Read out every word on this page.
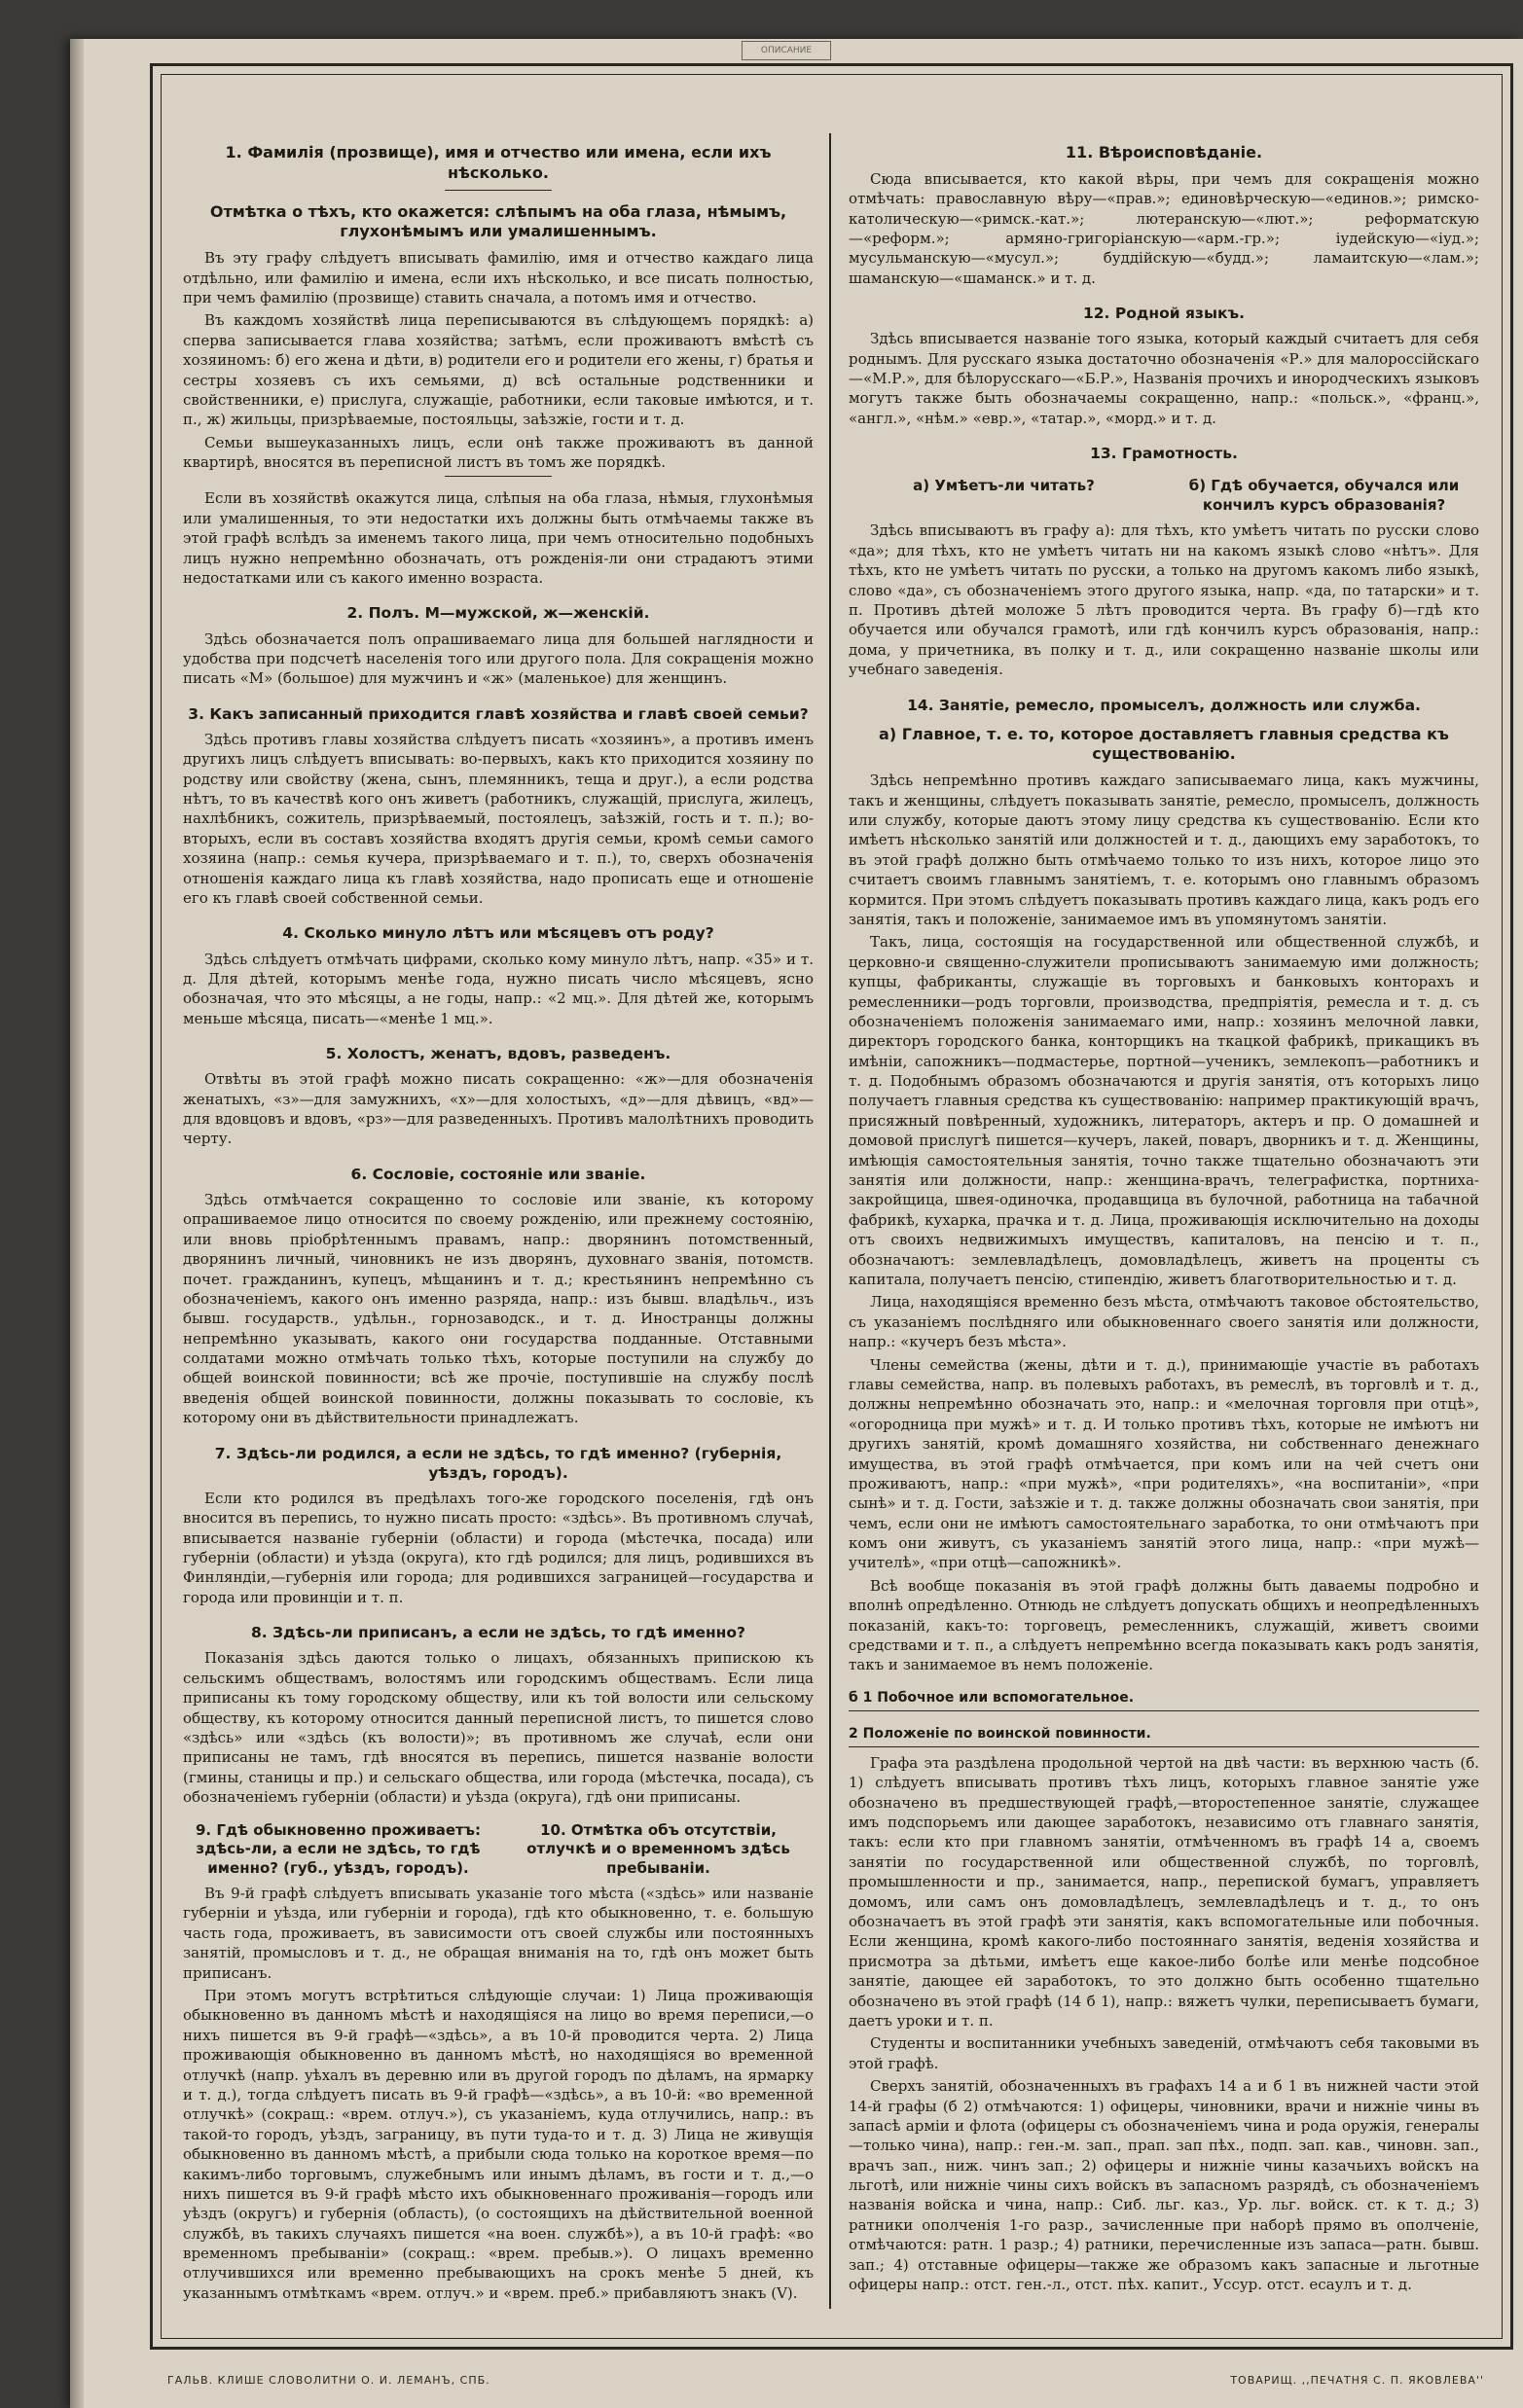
ОПИСАНИЕ
1. Фамилія (прозвище), имя и отчество или имена, если ихъ нѣсколько.
Отмѣтка о тѣхъ, кто окажется: слѣпымъ на оба глаза, нѣмымъ, глухонѣмымъ или умалишеннымъ.

Въ эту графу слѣдуетъ вписывать фамилію, имя и отчество каждаго лица отдѣльно, или фамилію и имена, если ихъ нѣсколько, и все писать полностью, при чемъ фамилію (прозвище) ставить сначала, а потомъ имя и отчество.

Въ каждомъ хозяйствѣ лица переписываются въ слѣдующемъ порядкѣ: а) сперва записывается глава хозяйства; затѣмъ, если проживаютъ вмѣстѣ съ хозяиномъ: б) его жена и дѣти, в) родители его и родители его жены, г) братья и сестры хозяевъ съ ихъ семьями, д) всѣ остальные родственники и свойственники, е) прислуга, служащіе, работники, если таковые имѣются, и т. п., ж) жильцы, призрѣваемые, постояльцы, заѣзжіе, гости и т. д.

Семьи вышеуказанныхъ лицъ, если онѣ также проживаютъ въ данной квартирѣ, вносятся въ переписной листъ въ томъ же порядкѣ.

Если въ хозяйствѣ окажутся лица, слѣпыя на оба глаза, нѣмыя, глухонѣмыя или умалишенныя, то эти недостатки ихъ должны быть отмѣчаемы также въ этой графѣ вслѣдъ за именемъ такого лица, при чемъ относительно подобныхъ лицъ нужно непремѣнно обозначать, отъ рожденія-ли они страдаютъ этими недостатками или съ какого именно возраста.

2. Полъ. М—мужской, ж—женскій.

Здѣсь обозначается полъ опрашиваемаго лица для большей наглядности и удобства при подсчетѣ населенія того или другого пола. Для сокращенія можно писать «М» (большое) для мужчинъ и «ж» (маленькое) для женщинъ.

3. Какъ записанный приходится главѣ хозяйства и главѣ своей семьи?

Здѣсь противъ главы хозяйства слѣдуетъ писать «хозяинъ», а противъ именъ другихъ лицъ слѣдуетъ вписывать: во-первыхъ, какъ кто приходится хозяину по родству или свойству (жена, сынъ, племянникъ, теща и друг.), а если родства нѣтъ, то въ качествѣ кого онъ живетъ (работникъ, служащій, прислуга, жилецъ, нахлѣбникъ, сожитель, призрѣваемый, постоялецъ, заѣзжій, гость и т. п.); во-вторыхъ, если въ составъ хозяйства входятъ другія семьи, кромѣ семьи самого хозяина (напр.: семья кучера, призрѣваемаго и т. п.), то, сверхъ обозначенія отношенія каждаго лица къ главѣ хозяйства, надо прописать еще и отношеніе его къ главѣ своей собственной семьи.

4. Сколько минуло лѣтъ или мѣсяцевъ отъ роду?

Здѣсь слѣдуетъ отмѣчать цифрами, сколько кому минуло лѣтъ, напр. «35» и т. д. Для дѣтей, которымъ менѣе года, нужно писать число мѣсяцевъ, ясно обозначая, что это мѣсяцы, а не годы, напр.: «2 мц.». Для дѣтей же, которымъ меньше мѣсяца, писать—«менѣе 1 мц.».

5. Холостъ, женатъ, вдовъ, разведенъ.

Отвѣты въ этой графѣ можно писать сокращенно: «ж»—для обозначенія женатыхъ, «з»—для замужнихъ, «х»—для холостыхъ, «д»—для дѣвицъ, «вд»—для вдовцовъ и вдовъ, «рз»—для разведенныхъ. Противъ малолѣтнихъ проводить черту.

6. Сословіе, состояніе или званіе.

Здѣсь отмѣчается сокращенно то сословіе или званіе, къ которому опрашиваемое лицо относится по своему рожденію, или прежнему состоянію, или вновь пріобрѣтеннымъ правамъ, напр.: дворянинъ потомственный, дворянинъ личный, чиновникъ не изъ дворянъ, духовнаго званія, потомств. почет. гражданинъ, купецъ, мѣщанинъ и т. д.; крестьянинъ непремѣнно съ обозначеніемъ, какого онъ именно разряда, напр.: изъ бывш. владѣльч., изъ бывш. государств., удѣльн., горнозаводск., и т. д. Иностранцы должны непремѣнно указывать, какого они государства подданные. Отставными солдатами можно отмѣчать только тѣхъ, которые поступили на службу до общей воинской повинности; всѣ же прочіе, поступившіе на службу послѣ введенія общей воинской повинности, должны показывать то сословіе, къ которому они въ дѣйствительности принадлежатъ.

7. Здѣсь-ли родился, а если не здѣсь, то гдѣ именно? (губернія, уѣздъ, городъ).

Если кто родился въ предѣлахъ того-же городского поселенія, гдѣ онъ вносится въ перепись, то нужно писать просто: «здѣсь». Въ противномъ случаѣ, вписывается названіе губерніи (области) и города (мѣстечка, посада) или губерніи (области) и уѣзда (округа), кто гдѣ родился; для лицъ, родившихся въ Финляндіи,—губернія или города; для родившихся заграницей—государства и города или провинціи и т. п.

8. Здѣсь-ли приписанъ, а если не здѣсь, то гдѣ именно?

Показанія здѣсь даются только о лицахъ, обязанныхъ припискою къ сельскимъ обществамъ, волостямъ или городскимъ обществамъ. Если лица приписаны къ тому городскому обществу, или къ той волости или сельскому обществу, къ которому относится данный переписной листъ, то пишется слово «здѣсь» или «здѣсь (къ волости)»; въ противномъ же случаѣ, если они приписаны не тамъ, гдѣ вносятся въ перепись, пишется названіе волости (гмины, станицы и пр.) и сельскаго общества, или города (мѣстечка, посада), съ обозначеніемъ губерніи (области) и уѣзда (округа), гдѣ они приписаны.

9. Гдѣ обыкновенно проживаетъ: здѣсь-ли, а если не здѣсь, то гдѣ именно? (губ., уѣздъ, городъ).
10. Отмѣтка объ отсутствіи, отлучкѣ и о временномъ здѣсь пребываніи.

Въ 9-й графѣ слѣдуетъ вписывать указаніе того мѣста («здѣсь» или названіе губерніи и уѣзда, или губерніи и города), гдѣ кто обыкновенно, т. е. большую часть года, проживаетъ, въ зависимости отъ своей службы или постоянныхъ занятій, промысловъ и т. д., не обращая вниманія на то, гдѣ онъ может быть приписанъ.

При этомъ могутъ встрѣтиться слѣдующіе случаи: 1) Лица проживающія обыкновенно въ данномъ мѣстѣ и находящіяся на лицо во время переписи,—о нихъ пишется въ 9-й графѣ—«здѣсь», а въ 10-й проводится черта. 2) Лица проживающія обыкновенно въ данномъ мѣстѣ, но находящіяся во временной отлучкѣ (напр. уѣхалъ въ деревню или въ другой городъ по дѣламъ, на ярмарку и т. д.), тогда слѣдуетъ писать въ 9-й графѣ—«здѣсь», а въ 10-й: «во временной отлучкѣ» (сокращ.: «врем. отлуч.»), съ указаніемъ, куда отлучились, напр.: въ такой-то городъ, уѣздъ, заграницу, въ пути туда-то и т. д. 3) Лица не живущія обыкновенно въ данномъ мѣстѣ, а прибыли сюда только на короткое время—по какимъ-либо торговымъ, служебнымъ или инымъ дѣламъ, въ гости и т. д.,—о нихъ пишется въ 9-й графѣ мѣсто ихъ обыкновеннаго проживанія—городъ или уѣздъ (округъ) и губернія (область), (о состоящихъ на дѣйствительной военной службѣ, въ такихъ случаяхъ пишется «на воен. службѣ»), а въ 10-й графѣ: «во временномъ пребываніи» (сокращ.: «врем. пребыв.»). О лицахъ временно отлучившихся или временно пребывающихъ на срокъ менѣе 5 дней, къ указаннымъ отмѣткамъ «врем. отлуч.» и «врем. преб.» прибавляютъ знакъ (V).

11. Вѣроисповѣданіе.

Сюда вписывается, кто какой вѣры, при чемъ для сокращенія можно отмѣчать: православную вѣру—«прав.»; единовѣрческую—«единов.»; римско-католическую—«римск.-кат.»; лютеранскую—«лют.»; реформатскую—«реформ.»; армяно-григоріанскую—«арм.-гр.»; іудейскую—«іуд.»; мусульманскую—«мусул.»; буддійскую—«будд.»; ламаитскую—«лам.»; шаманскую—«шаманск.» и т. д.

12. Родной языкъ.

Здѣсь вписывается названіе того языка, который каждый считаетъ для себя роднымъ. Для русскаго языка достаточно обозначенія «Р.» для малороссійскаго—«М.Р.», для бѣлорусскаго—«Б.Р.», Названія прочихъ и инородческихъ языковъ могутъ также быть обозначаемы сокращенно, напр.: «польск.», «франц.», «англ.», «нѣм.» «евр.», «татар.», «морд.» и т. д.

13. Грамотность.
а) Умѣетъ-ли читать?	б) Гдѣ обучается, обучался или кончилъ курсъ образованія?

Здѣсь вписываютъ въ графу а): для тѣхъ, кто умѣетъ читать по русски слово «да»; для тѣхъ, кто не умѣетъ читать ни на какомъ языкѣ слово «нѣтъ». Для тѣхъ, кто не умѣетъ читать по русски, а только на другомъ какомъ либо языкѣ, слово «да», съ обозначеніемъ этого другого языка, напр. «да, по татарски» и т. п. Противъ дѣтей моложе 5 лѣтъ проводится черта. Въ графу б)—гдѣ кто обучается или обучался грамотѣ, или гдѣ кончилъ курсъ образованія, напр.: дома, у причетника, въ полку и т. д., или сокращенно названіе школы или учебнаго заведенія.

14. Занятіе, ремесло, промыселъ, должность или служба.
а) Главное, т. е. то, которое доставляетъ главныя средства къ существованію.

Здѣсь непремѣнно противъ каждаго записываемаго лица, какъ мужчины, такъ и женщины, слѣдуетъ показывать занятіе, ремесло, промыселъ, должность или службу, которые даютъ этому лицу средства къ существованію. Если кто имѣетъ нѣсколько занятій или должностей и т. д., дающихъ ему заработокъ, то въ этой графѣ должно быть отмѣчаемо только то изъ нихъ, которое лицо это считаетъ своимъ главнымъ занятіемъ, т. е. которымъ оно главнымъ образомъ кормится. При этомъ слѣдуетъ показывать противъ каждаго лица, какъ родъ его занятія, такъ и положеніе, занимаемое имъ въ упомянутомъ занятіи.

Такъ, лица, состоящія на государственной или общественной службѣ, и церковно-и священно-служители прописываютъ занимаемую ими должность; купцы, фабриканты, служащіе въ торговыхъ и банковыхъ конторахъ и ремесленники—родъ торговли, производства, предпріятія, ремесла и т. д. съ обозначеніемъ положенія занимаемаго ими, напр.: хозяинъ мелочной лавки, директоръ городского банка, конторщикъ на ткацкой фабрикѣ, прикащикъ въ имѣніи, сапожникъ—подмастерье, портной—ученикъ, землекопъ—работникъ и т. д. Подобнымъ образомъ обозначаются и другія занятія, отъ которыхъ лицо получаетъ главныя средства къ существованію: например практикующій врачъ, присяжный повѣренный, художникъ, литераторъ, актеръ и пр. О домашней и домовой прислугѣ пишется—кучеръ, лакей, поваръ, дворникъ и т. д. Женщины, имѣющія самостоятельныя занятія, точно также тщательно обозначаютъ эти занятія или должности, напр.: женщина-врачъ, телеграфистка, портниха-закройщица, швея-одиночка, продавщица въ булочной, работница на табачной фабрикѣ, кухарка, прачка и т. д. Лица, проживающія исключительно на доходы отъ своихъ недвижимыхъ имуществъ, капиталовъ, на пенсію и т. п., обозначаютъ: землевладѣлецъ, домовладѣлецъ, живетъ на проценты съ капитала, получаетъ пенсію, стипендію, живетъ благотворительностью и т. д.

Лица, находящіяся временно безъ мѣста, отмѣчаютъ таковое обстоятельство, съ указаніемъ послѣдняго или обыкновеннаго своего занятія или должности, напр.: «кучеръ безъ мѣста».

Члены семейства (жены, дѣти и т. д.), принимающіе участіе въ работахъ главы семейства, напр. въ полевыхъ работахъ, въ ремеслѣ, въ торговлѣ и т. д., должны непремѣнно обозначать это, напр.: и «мелочная торговля при отцѣ», «огородница при мужѣ» и т. д. И только противъ тѣхъ, которые не имѣютъ ни другихъ занятій, кромѣ домашняго хозяйства, ни собственнаго денежнаго имущества, въ этой графѣ отмѣчается, при комъ или на чей счетъ они проживаютъ, напр.: «при мужѣ», «при родителяхъ», «на воспитаніи», «при сынѣ» и т. д. Гости, заѣзжіе и т. д. также должны обозначать свои занятія, при чемъ, если они не имѣютъ самостоятельнаго заработка, то они отмѣчаютъ при комъ они живутъ, съ указаніемъ занятій этого лица, напр.: «при мужѣ—учителѣ», «при отцѣ—сапожникѣ».

Всѣ вообще показанія въ этой графѣ должны быть даваемы подробно и вполнѣ опредѣленно. Отнюдь не слѣдуетъ допускать общихъ и неопредѣленныхъ показаній, какъ-то: торговецъ, ремесленникъ, служащій, живетъ своими средствами и т. п., а слѣдуетъ непремѣнно всегда показывать какъ родъ занятія, такъ и занимаемое въ немъ положеніе.

б 1 Побочное или вспомогательное.
2 Положеніе по воинской повинности.

Графа эта раздѣлена продольной чертой на двѣ части: въ верхнюю часть (б. 1) слѣдуетъ вписывать противъ тѣхъ лицъ, которыхъ главное занятіе уже обозначено въ предшествующей графѣ,—второстепенное занятіе, служащее имъ подспорьемъ или дающее заработокъ, независимо отъ главнаго занятія, такъ: если кто при главномъ занятіи, отмѣченномъ въ графѣ 14 а, своемъ занятіи по государственной или общественной службѣ, по торговлѣ, промышленности и пр., занимается, напр., перепиской бумагъ, управляетъ домомъ, или самъ онъ домовладѣлецъ, землевладѣлецъ и т. д., то онъ обозначаетъ въ этой графѣ эти занятія, какъ вспомогательные или побочныя. Если женщина, кромѣ какого-либо постояннаго занятія, веденія хозяйства и присмотра за дѣтьми, имѣетъ еще какое-либо болѣе или менѣе подсобное занятіе, дающее ей заработокъ, то это должно быть особенно тщательно обозначено въ этой графѣ (14 б 1), напр.: вяжетъ чулки, переписываетъ бумаги, даетъ уроки и т. п.

Студенты и воспитанники учебныхъ заведеній, отмѣчаютъ себя таковыми въ этой графѣ.

Сверхъ занятій, обозначенныхъ въ графахъ 14 а и б 1 въ нижней части этой 14-й графы (б 2) отмѣчаются: 1) офицеры, чиновники, врачи и нижніе чины въ запасѣ арміи и флота (офицеры съ обозначеніемъ чина и рода оружія, генералы—только чина), напр.: ген.-м. зап., прап. зап пѣх., подп. зап. кав., чиновн. зап., врачъ зап., ниж. чинъ зап.; 2) офицеры и нижніе чины казачьихъ войскъ на льготѣ, или нижніе чины сихъ войскъ въ запасномъ разрядѣ, съ обозначеніемъ названія войска и чина, напр.: Сиб. льг. каз., Ур. льг. войск. ст. к т. д.; 3) ратники ополченія 1-го разр., зачисленные при наборѣ прямо въ ополченіе, отмѣчаются: ратн. 1 разр.; 4) ратники, перечисленные изъ запаса—ратн. бывш. зап.; 4) отставные офицеры—также же образомъ какъ запасные и льготные офицеры напр.: отст. ген.-л., отст. пѣх. капит., Уссур. отст. есаулъ и т. д.

ГАЛЬВ. КЛИШЕ СЛОВОЛИТНИ О. И. ЛЕМАНЪ, СПБ.	ТОВАРИЩ. ,,ПЕЧАТНЯ С. П. ЯКОВЛЕВА''
